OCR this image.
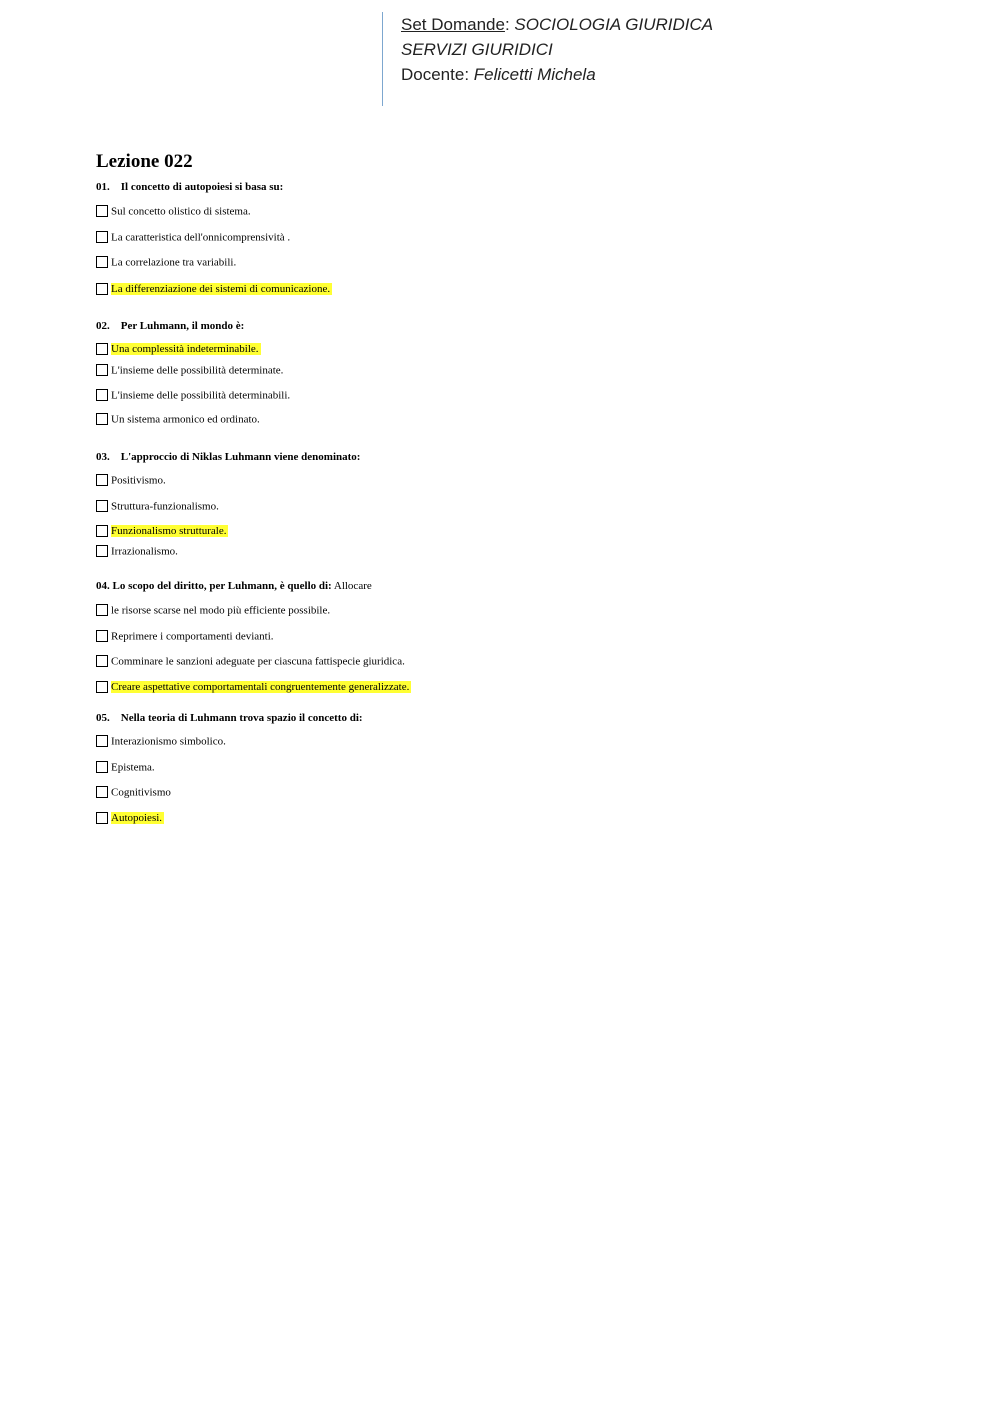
Set Domande: SOCIOLOGIA GIURIDICA
SERVIZI GIURIDICI
Docente: Felicetti Michela
Lezione 022
01. Il concetto di autopoiesi si basa su:
Sul concetto olistico di sistema.
La caratteristica dell'onnicomprensività .
La correlazione tra variabili.
La differenziazione dei sistemi di comunicazione.
02. Per Luhmann, il mondo è:
Una complessità indeterminabile.
L'insieme delle possibilità determinate.
L'insieme delle possibilità determinabili.
Un sistema armonico ed ordinato.
03. L'approccio di Niklas Luhmann viene denominato:
Positivismo.
Struttura-funzionalismo.
Funzionalismo strutturale.
Irrazionalismo.
04. Lo scopo del diritto, per Luhmann, è quello di: Allocare
le risorse scarse nel modo più efficiente possibile.
Reprimere i comportamenti devianti.
Comminare le sanzioni adeguate per ciascuna fattispecie giuridica.
Creare aspettative comportamentali congruentemente generalizzate.
05. Nella teoria di Luhmann trova spazio il concetto di:
Interazionismo simbolico.
Epistema.
Cognitivismo
Autopoiesi.
